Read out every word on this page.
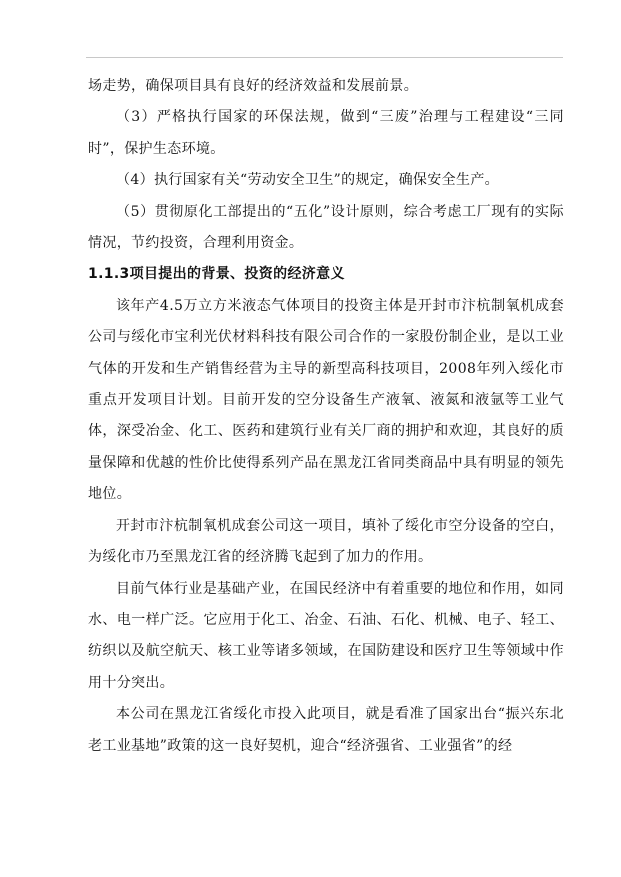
场走势，确保项目具有良好的经济效益和发展前景。

（3）严格执行国家的环保法规，做到“三废”治理与工程建设“三同时”，保护生态环境。

（4）执行国家有关“劳动安全卫生”的规定，确保安全生产。

（5）贯彻原化工部提出的“五化”设计原则，综合考虑工厂现有的实际情况，节约投资，合理利用资金。

1.1.3项目提出的背景、投资的经济意义

该年产4.5万立方米液态气体项目的投资主体是开封市汴杭制氧机成套公司与绥化市宝利光伏材料科技有限公司合作的一家股份制企业，是以工业气体的开发和生产销售经营为主导的新型高科技项目，2008年列入绥化市重点开发项目计划。目前开发的空分设备生产液氧、液氮和液氩等工业气体，深受冶金、化工、医药和建筑行业有关厂商的拥护和欢迎，其良好的质量保障和优越的性价比使得系列产品在黑龙江省同类商品中具有明显的领先地位。

开封市汴杭制氧机成套公司这一项目，填补了绥化市空分设备的空白，为绥化市乃至黑龙江省的经济腾飞起到了加力的作用。

目前气体行业是基础产业，在国民经济中有着重要的地位和作用，如同水、电一样广泛。它应用于化工、冶金、石油、石化、机械、电子、轻工、纺织以及航空航天、核工业等诸多领域，在国防建设和医疗卫生等领域中作用十分突出。

本公司在黑龙江省绥化市投入此项目，就是看准了国家出台“振兴东北老工业基地”政策的这一良好契机，迎合“经济强省、工业强省”的经
